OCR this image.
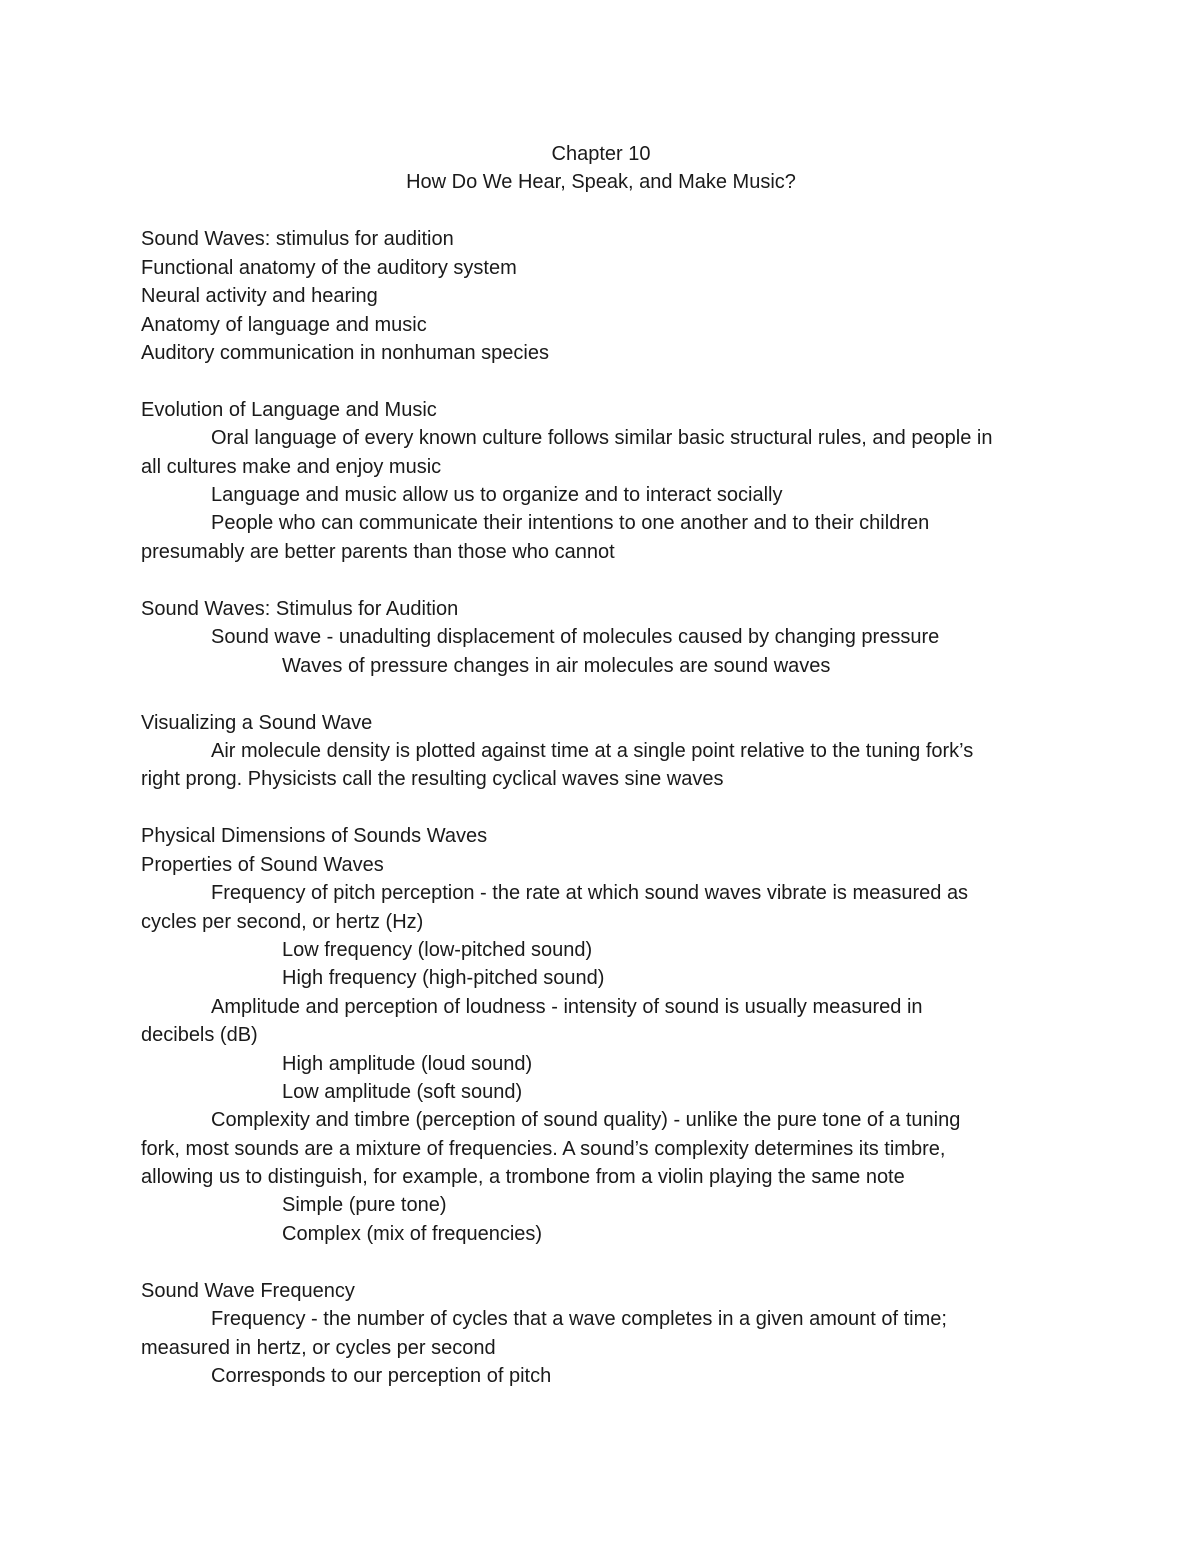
Chapter 10
How Do We Hear, Speak, and Make Music?
Sound Waves: stimulus for audition
Functional anatomy of the auditory system
Neural activity and hearing
Anatomy of language and music
Auditory communication in nonhuman species
Evolution of Language and Music
Oral language of every known culture follows similar basic structural rules, and people in
all cultures make and enjoy music
Language and music allow us to organize and to interact socially
People who can communicate their intentions to one another and to their children
presumably are better parents than those who cannot
Sound Waves: Stimulus for Audition
Sound wave - unadulting displacement of molecules caused by changing pressure
Waves of pressure changes in air molecules are sound waves
Visualizing a Sound Wave
Air molecule density is plotted against time at a single point relative to the tuning fork’s
right prong. Physicists call the resulting cyclical waves sine waves
Physical Dimensions of Sounds Waves
Properties of Sound Waves
Frequency of pitch perception - the rate at which sound waves vibrate is measured as
cycles per second, or hertz (Hz)
Low frequency (low-pitched sound)
High frequency (high-pitched sound)
Amplitude and perception of loudness - intensity of sound is usually measured in
decibels (dB)
High amplitude (loud sound)
Low amplitude (soft sound)
Complexity and timbre (perception of sound quality) - unlike the pure tone of a tuning
fork, most sounds are a mixture of frequencies. A sound’s complexity determines its timbre,
allowing us to distinguish, for example, a trombone from a violin playing the same note
Simple (pure tone)
Complex (mix of frequencies)
Sound Wave Frequency
Frequency - the number of cycles that a wave completes in a given amount of time;
measured in hertz, or cycles per second
Corresponds to our perception of pitch
